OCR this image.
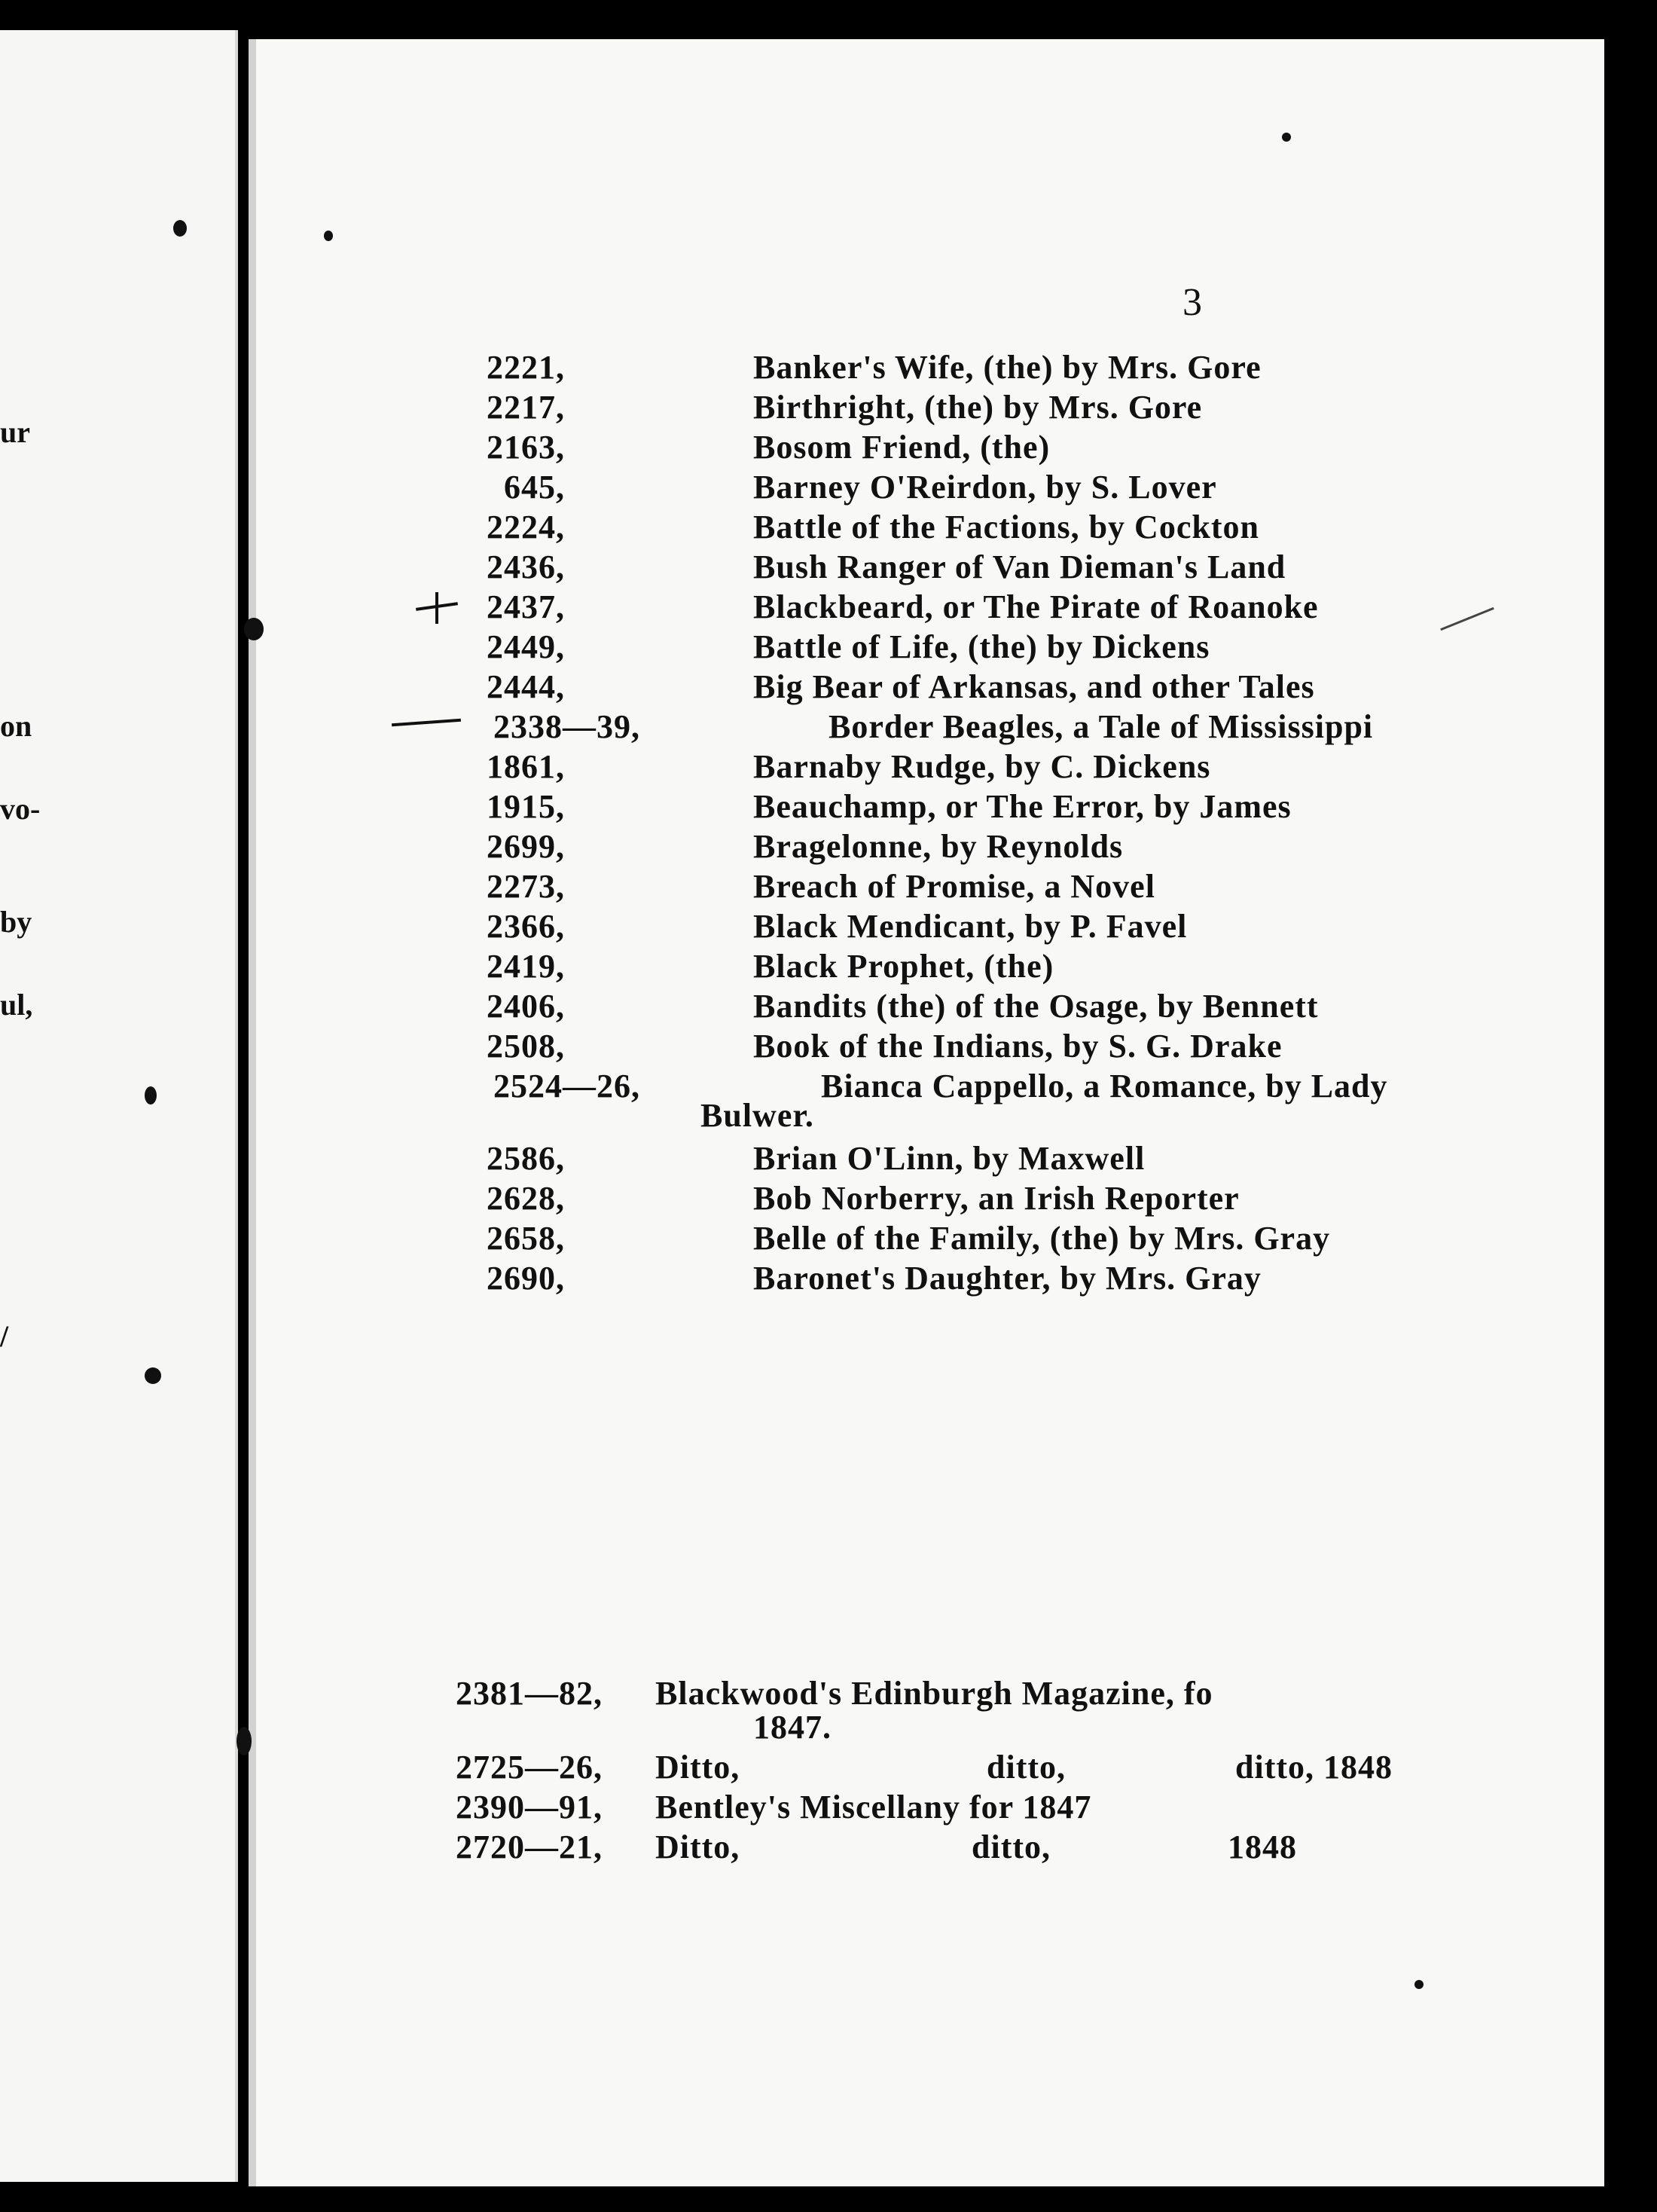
ur
on
vo-
by
ul,
/
3
2221,	Banker's Wife, (the) by Mrs. Gore
2217,	Birthright, (the) by Mrs. Gore
2163,	Bosom Friend, (the)
645,	Barney O'Reirdon, by S. Lover
2224,	Battle of the Factions, by Cockton
2436,	Bush Ranger of Van Dieman's Land
2437,	Blackbeard, or The Pirate of Roanoke
2449,	Battle of Life, (the) by Dickens
2444,	Big Bear of Arkansas, and other Tales
2338—39,	Border Beagles, a Tale of Mississippi
1861,	Barnaby Rudge, by C. Dickens
1915,	Beauchamp, or The Error, by James
2699,	Bragelonne, by Reynolds
2273,	Breach of Promise, a Novel
2366,	Black Mendicant, by P. Favel
2419,	Black Prophet, (the)
2406,	Bandits (the) of the Osage, by Bennett
2508,	Book of the Indians, by S. G. Drake
2524—26,	Bianca Cappello, a Romance, by Lady
Bulwer.
2586,	Brian O'Linn, by Maxwell
2628,	Bob Norberry, an Irish Reporter
2658,	Belle of the Family, (the) by Mrs. Gray
2690,	Baronet's Daughter, by Mrs. Gray
2381—82, Blackwood's Edinburgh Magazine, fo
1847.
2725—26, Ditto,	ditto,	ditto, 1848
2390—91, Bentley's Miscellany for 1847
2720—21, Ditto,	ditto,	1848
